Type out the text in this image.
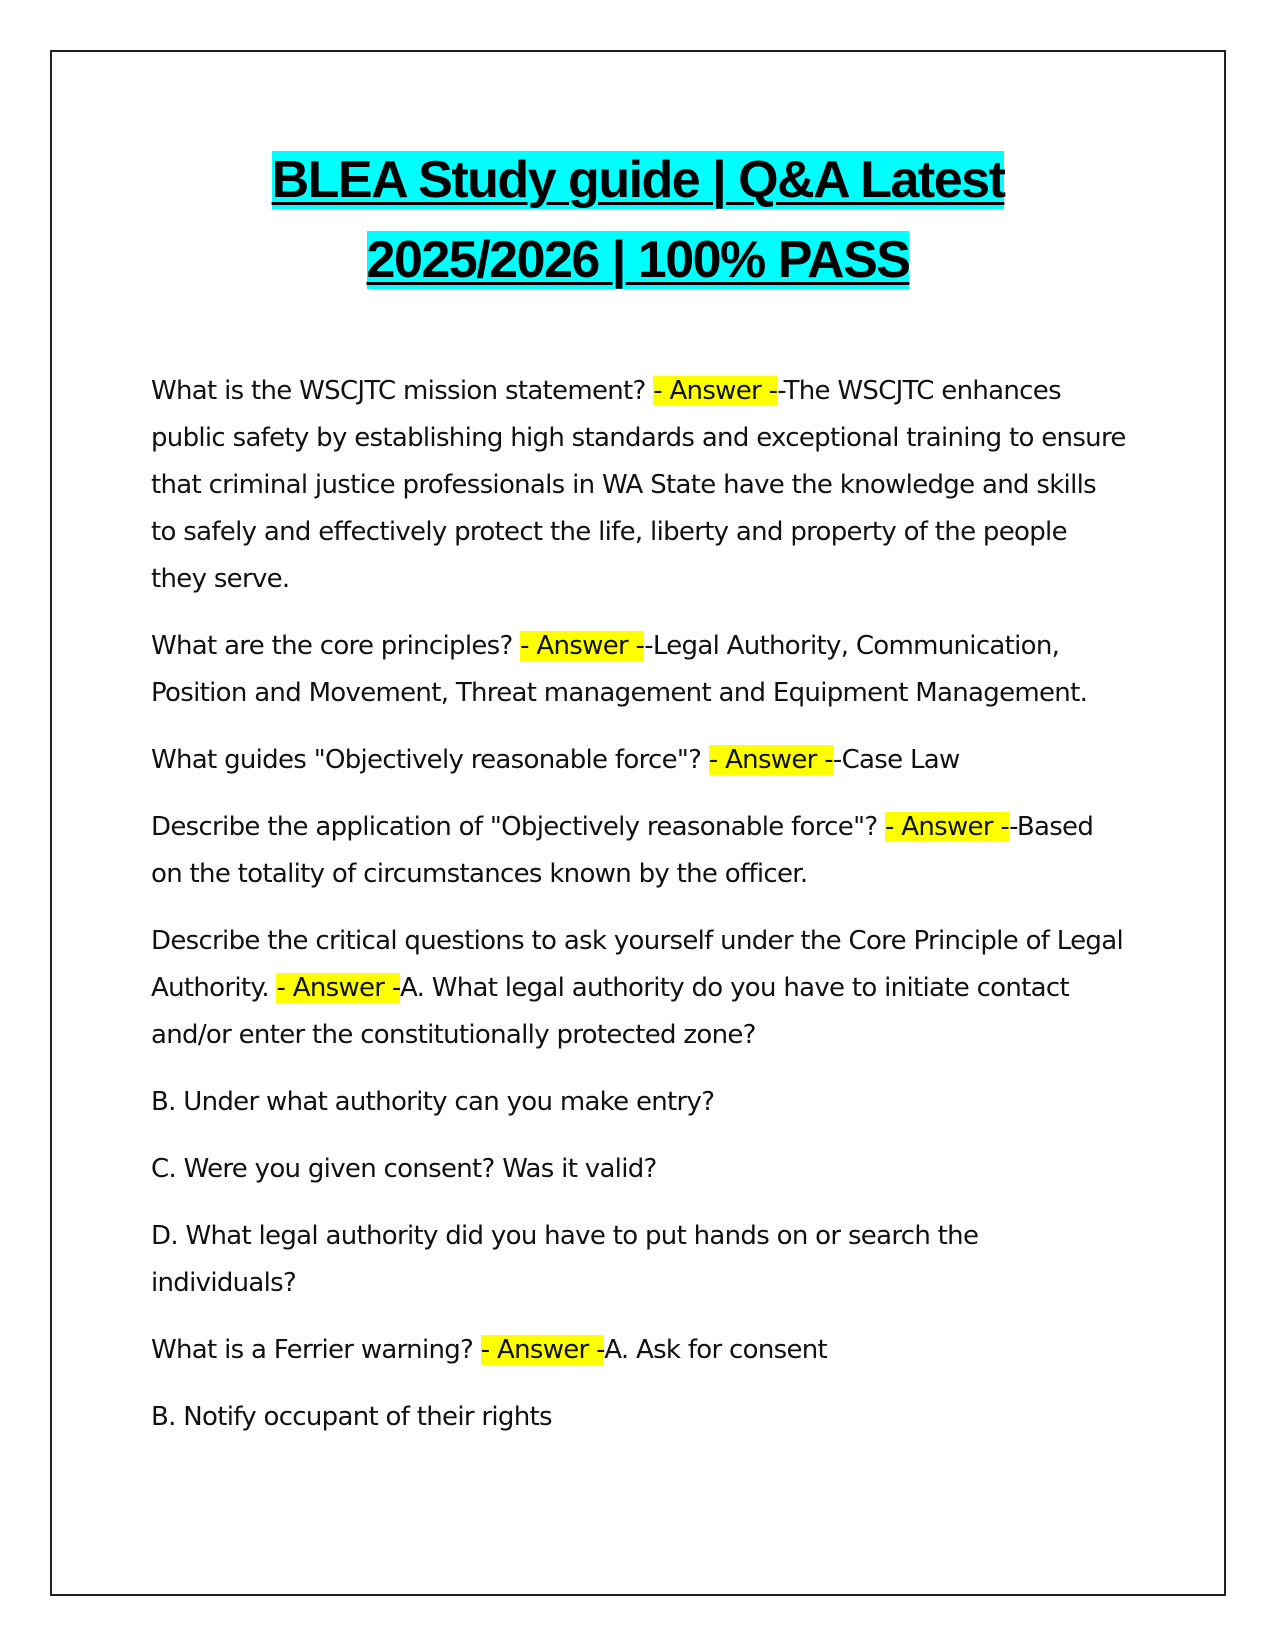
BLEA Study guide | Q&A Latest
2025/2026 | 100% PASS

What is the WSCJTC mission statement? - Answer --The WSCJTC enhances public safety by establishing high standards and exceptional training to ensure that criminal justice professionals in WA State have the knowledge and skills to safely and effectively protect the life, liberty and property of the people they serve.

What are the core principles? - Answer --Legal Authority, Communication, Position and Movement, Threat management and Equipment Management.

What guides "Objectively reasonable force"? - Answer --Case Law

Describe the application of "Objectively reasonable force"? - Answer --Based on the totality of circumstances known by the officer.

Describe the critical questions to ask yourself under the Core Principle of Legal Authority. - Answer -A. What legal authority do you have to initiate contact and/or enter the constitutionally protected zone?

B. Under what authority can you make entry?

C. Were you given consent? Was it valid?

D. What legal authority did you have to put hands on or search the individuals?

What is a Ferrier warning? - Answer -A. Ask for consent

B. Notify occupant of their rights
